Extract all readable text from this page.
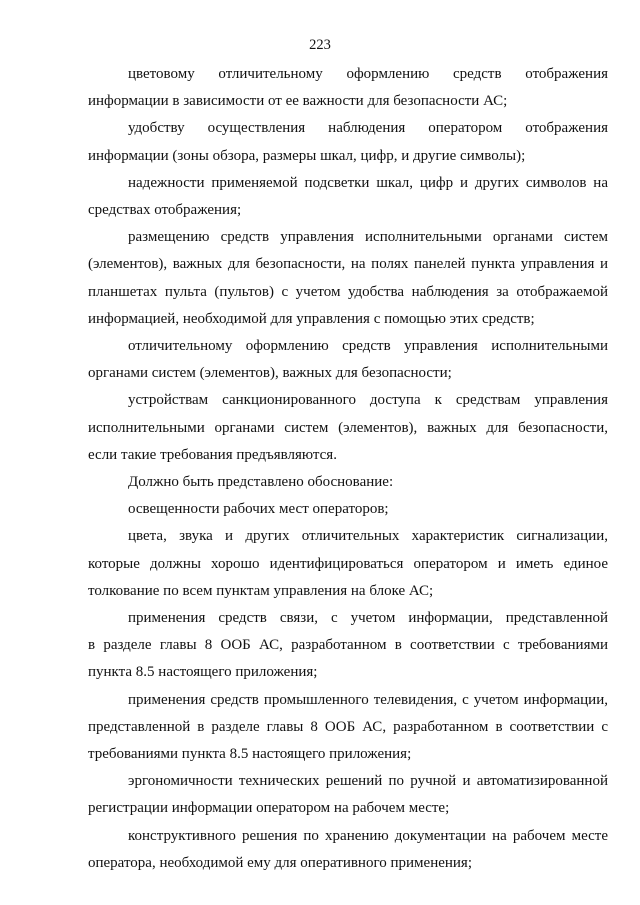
223
цветовому отличительному оформлению средств отображения
информации в зависимости от ее важности для безопасности АС;
удобству осуществления наблюдения оператором отображения
информации (зоны обзора, размеры шкал, цифр, и другие символы);
надежности применяемой подсветки шкал, цифр и других символов на
средствах отображения;
размещению средств управления исполнительными органами систем
(элементов), важных для безопасности, на полях панелей пункта управления и
планшетах пульта (пультов) с учетом удобства наблюдения за отображаемой
информацией, необходимой для управления с помощью этих средств;
отличительному оформлению средств управления исполнительными
органами систем (элементов), важных для безопасности;
устройствам санкционированного доступа к средствам управления
исполнительными органами систем (элементов), важных для безопасности,
если такие требования предъявляются.
Должно быть представлено обоснование:
освещенности рабочих мест операторов;
цвета, звука и других отличительных характеристик сигнализации,
которые должны хорошо идентифицироваться оператором и иметь единое
толкование по всем пунктам управления на блоке АС;
применения средств связи, с учетом информации, представленной
в разделе главы 8 ООБ АС, разработанном в соответствии с требованиями
пункта 8.5 настоящего приложения;
применения средств промышленного телевидения, с учетом информации,
представленной в разделе главы 8 ООБ АС, разработанном в соответствии с
требованиями пункта 8.5 настоящего приложения;
эргономичности технических решений по ручной и автоматизированной
регистрации информации оператором на рабочем месте;
конструктивного решения по хранению документации на рабочем месте
оператора, необходимой ему для оперативного применения;
